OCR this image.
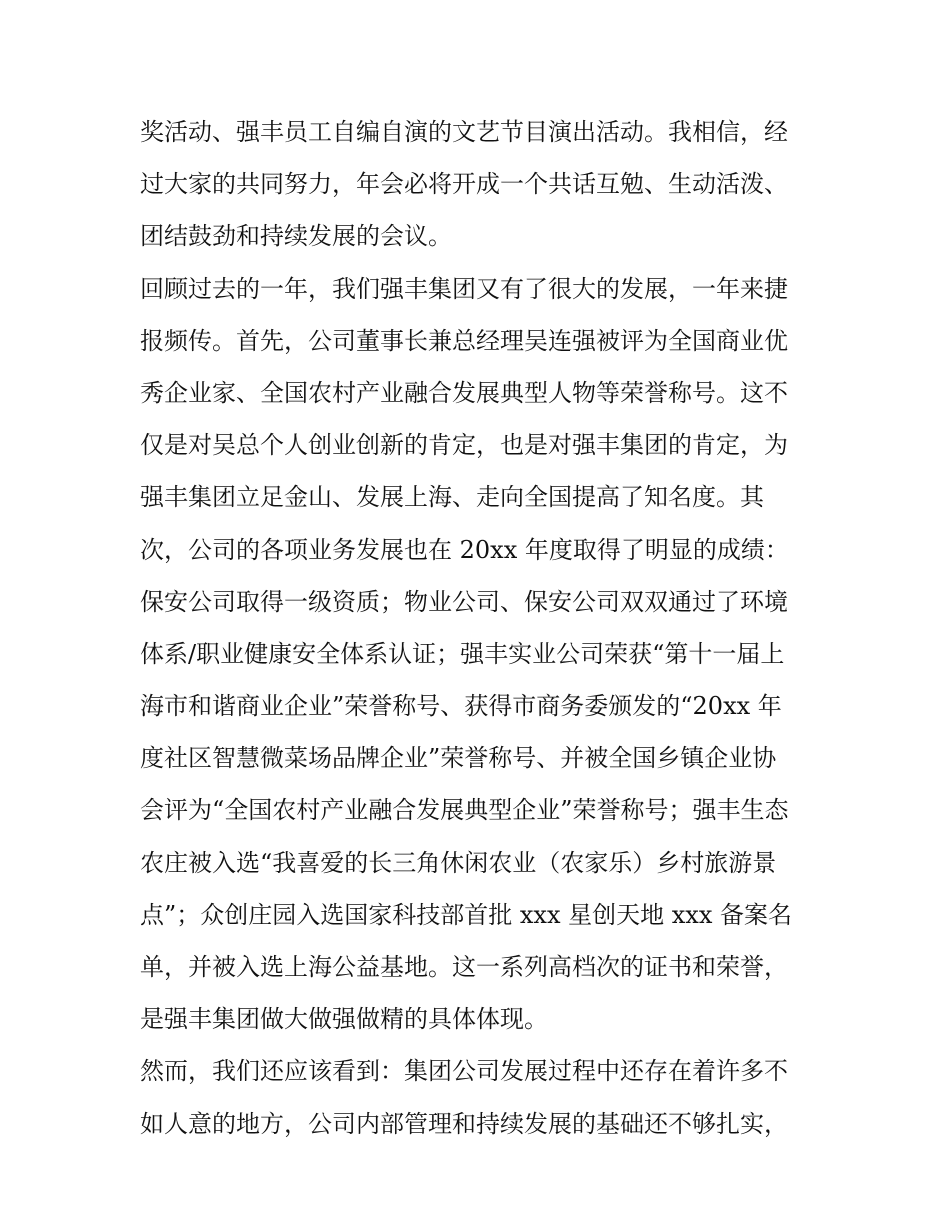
奖活动、强丰员工自编自演的文艺节目演出活动。我相信，经
过大家的共同努力，年会必将开成一个共话互勉、生动活泼、
团结鼓劲和持续发展的会议。
回顾过去的一年，我们强丰集团又有了很大的发展，一年来捷
报频传。首先，公司董事长兼总经理吴连强被评为全国商业优
秀企业家、全国农村产业融合发展典型人物等荣誉称号。这不
仅是对吴总个人创业创新的肯定，也是对强丰集团的肯定，为
强丰集团立足金山、发展上海、走向全国提高了知名度。其
次，公司的各项业务发展也在 20xx 年度取得了明显的成绩：
保安公司取得一级资质；物业公司、保安公司双双通过了环境
体系/职业健康安全体系认证；强丰实业公司荣获“第十一届上
海市和谐商业企业”荣誉称号、获得市商务委颁发的“20xx 年
度社区智慧微菜场品牌企业”荣誉称号、并被全国乡镇企业协
会评为“全国农村产业融合发展典型企业”荣誉称号；强丰生态
农庄被入选“我喜爱的长三角休闲农业（农家乐）乡村旅游景
点”；众创庄园入选国家科技部首批 xxx 星创天地 xxx 备案名
单，并被入选上海公益基地。这一系列高档次的证书和荣誉，
是强丰集团做大做强做精的具体体现。
然而，我们还应该看到：集团公司发展过程中还存在着许多不
如人意的地方，公司内部管理和持续发展的基础还不够扎实，
